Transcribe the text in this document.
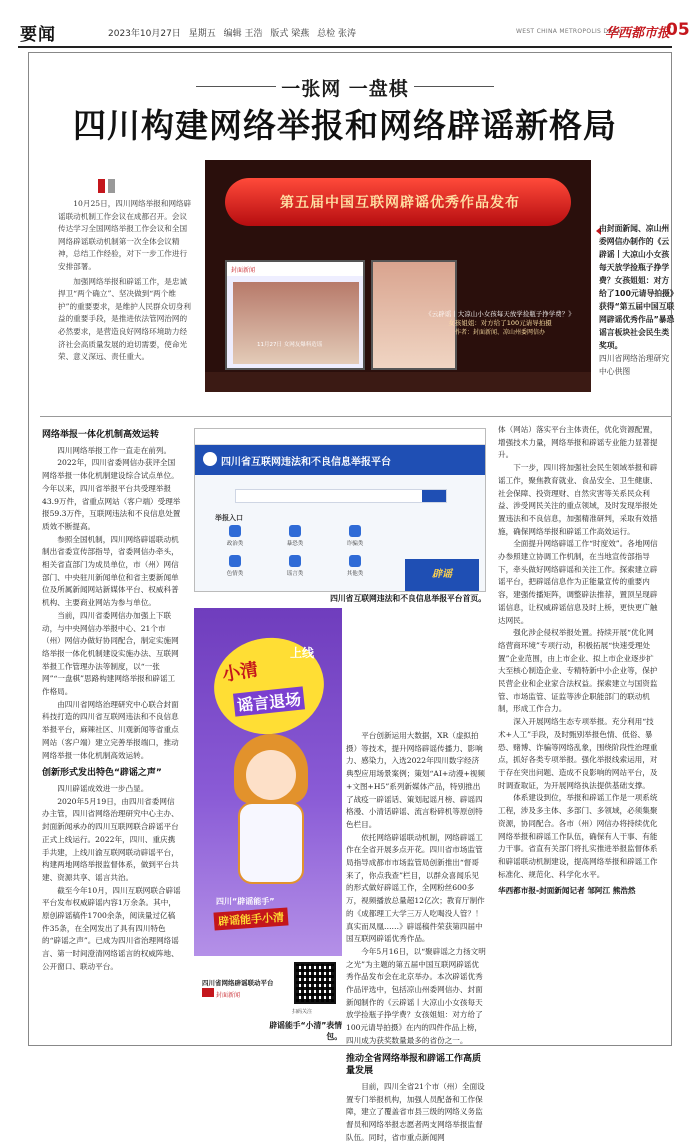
要闻	2023年10月27日 星期五 编辑 王浩 版式 梁燕 总检 张涛	WEST CHINA METROPOLIS DAILY
华西都市报
05
一张网 一盘棋
四川构建网络举报和网络辟谣新格局

10月25日，四川网络举报和网络辟谣联动机制工作会议在成都召开。会议传达学习全国网络举报工作会议和全国网络辟谣联动机制第一次全体会议精神，总结工作经验，对下一步工作进行安排部署。

加强网络举报和辟谣工作，是忠诚捍卫“两个确立”、坚决做到“两个维护”的重要要求，是维护人民群众切身利益的重要手段，是推进依法管网治网的必然要求，是营造良好网络环境助力经济社会高质量发展的迫切需要，使命光荣、意义深远、责任重大。

第五届中国互联网辟谣优秀作品发布
封面新闻
11月27日 女网友爆料造谣
《云辟谣丨大凉山小女孩每天放学捡瓶子挣学费？》
女孩姐姐：对方给了100元请导拍摄
作者：封面新闻、凉山州委网信办
由封面新闻、凉山州委网信办制作的《云辟谣丨大凉山小女孩每天放学捡瓶子挣学费？女孩姐姐：对方给了100元请导拍摄》获得“第五届中国互联网辟谣优秀作品”暴恐谣言板块社会民生类奖项。
四川省网络治理研究中心供图
网络举报一体化机制高效运转

四川网络举报工作一直走在前列。

2022年，四川省委网信办获评全国网络举报一体化机制建设综合试点单位。今年以来，四川省举报平台共受理举报43.9万件，省重点网站（客户端）受理举报59.3万件，互联网违法和不良信息处置质效不断提高。

参照全国机制，四川网络辟谣联动机制出省委宣传部指导，省委网信办牵头，相关省直部门为成员单位，市（州）网信部门、中央驻川新闻单位和省主要新闻单位及所属新闻网站新媒体平台、权威科普机构、主要商业网站为参与单位。

当前，四川省委网信办加强上下联动，与中央网信办举报中心、21个市（州）网信办做好协同配合，制定实施网络举报一体化机制建设实施办法、互联网举报工作管理办法等制度，以“一张网”“一盘棋”思路构建网络举报和辟谣工作格局。

由四川省网络治理研究中心联合封面科技打造的四川省互联网违法和不良信息举报平台，麻辣社区、川观新闻等省重点网站（客户端）建立完善举报端口，推动网络举报一体化机制高效运转。

创新形式发出特色“辟谣之声”

四川辟谣成效进一步凸显。

2020年5月19日，由四川省委网信办主管，四川省网络治理研究中心主办、封面新闻承办的四川互联网联合辟谣平台正式上线运行。2022年，四川、重庆携手共建，上线川渝互联网联动辟谣平台，构建两地网络举报监督体系，做到平台共建、资源共享、谣言共治。

截至今年10月，四川互联网联合辟谣平台发布权威辟谣内容1万余条。其中，原创辟谣稿件1700余条，阅读量过亿稿件35条，在全网发出了具有四川特色的“辟谣之声”。已成为四川省治理网络谣言、第一时间澄清网络谣言的权威阵地、公开窗口、联动平台。

四川省互联网违法和不良信息举报平台
举报入口
政治类	暴恐类	诈骗类
色情类	谣言类	其他类	辟谣
四川省互联网违法和不良信息举报平台首页。
小清
上线
谣言退场
四川“辟谣能手”
辟谣能手小清
四川省网络辟谣联动平台
封面新闻
扫码关注
辟谣能手“小清”表情包。

平台创新运用大数据，XR（虚拟拍摄）等技术，提升网络辟谣传播力、影响力、感染力，入选2022年四川数字经济典型应用场景案例；策划“AI+动漫+视频+文图+H5”系列新媒体产品，特别推出了战疫一辟谣话、策划起谣月榜、辟谣四格漫、小清话辟谣、流言粉碎机等原创特色栏目。

依托网络辟谣联动机制，网络辟谣工作在全省开展多点开花。四川省市场监管局指导成都市市场监管局创新推出“督哥来了，你点我查”栏目，以群众喜闻乐见的形式做好辟谣工作，全网粉丝600多万，视频播放总量超12亿次；教育厅制作的《成都理工大学三万人吃喝没人管？！真实而凤凰……》辟谣稿件荣获第四届中国互联网辟谣优秀作品。

今年5月16日，以“聚辟谣之力扬文明之光”为主题的第五届中国互联网辟谣优秀作品发布会在北京举办。本次辟谣优秀作品评选中，包括凉山州委网信办、封面新闻制作的《云辟谣丨大凉山小女孩每天放学捡瓶子挣学费？女孩姐姐：对方给了100元请导拍摄》在内的四件作品上榜，四川成为获奖数量最多的省份之一。

推动全省网络举报和辟谣工作高质量发展

目前，四川全省21个市（州）全面设置专门举报机构，加强人员配备和工作保障，建立了覆盖省市县三级的网络义务监督员和网络举报志愿者两支网络举报监督队伍。同时，省市重点新闻网

体（网站）落实平台主体责任，优化资源配置，增强技术力量，网络举报和辟谣专业能力显著提升。

下一步，四川将加强社会民生领域举报和辟谣工作，聚焦教育就业、食品安全、卫生健康、社会保障、投资理财、自然灾害等关系民众利益、涉受网民关注的重点领域，及时发现举报处置违法和不良信息，加强精准研判，采取有效措施，确保网络举报和辟谣工作高效运行。

全面提升网络辟谣工作“时度效”。各地网信办参照建立协调工作机制，在当地宣传部指导下，牵头做好网络辟谣和关注工作。探索建立辟谣平台，把辟谣信息作为正能量宣传的重要内容，建强传播矩阵，调整辟法推荐，置顶呈现辟谣信息，让权威辟谣信息及时上桥，更快更广触达网民。

强化涉企侵权举报处置。持续开展“优化网络营商环境”专项行动，积极拓展“快速受理处置”企业范围，由上市企业、拟上市企业逐步扩大至核心制造企业、专精特新中小企业等，保护民营企业和企业家合法权益。探索建立与国资监管、市场监管、证监等涉企职能部门的联动机制，形成工作合力。

深入开展网络生态专项举报。充分利用“技术+人工”手段，及时甄别举报色情、低俗、暴恐、赌博、诈骗等网络乱象，围绕阶段性治理重点，抓好各类专项举报。强化举报线索运用，对于存在突出问题、造成不良影响的网站平台，及时调查取证，为开展网络执法提供基础支撑。

体系建设到位，举报和辟谣工作是一项系统工程，涉及多主体、多部门、多领域，必须集聚资源，协同配合。各市（州）网信办将持续优化网络举报和辟谣工作队伍，确保有人干事、有能力干事。省直有关部门将扎实推进举报监督体系和辟谣联动机制建设，提高网络举报和辟谣工作标准化、规范化、科学化水平。

华西都市报-封面新闻记者 邹阿江 熊浩然
